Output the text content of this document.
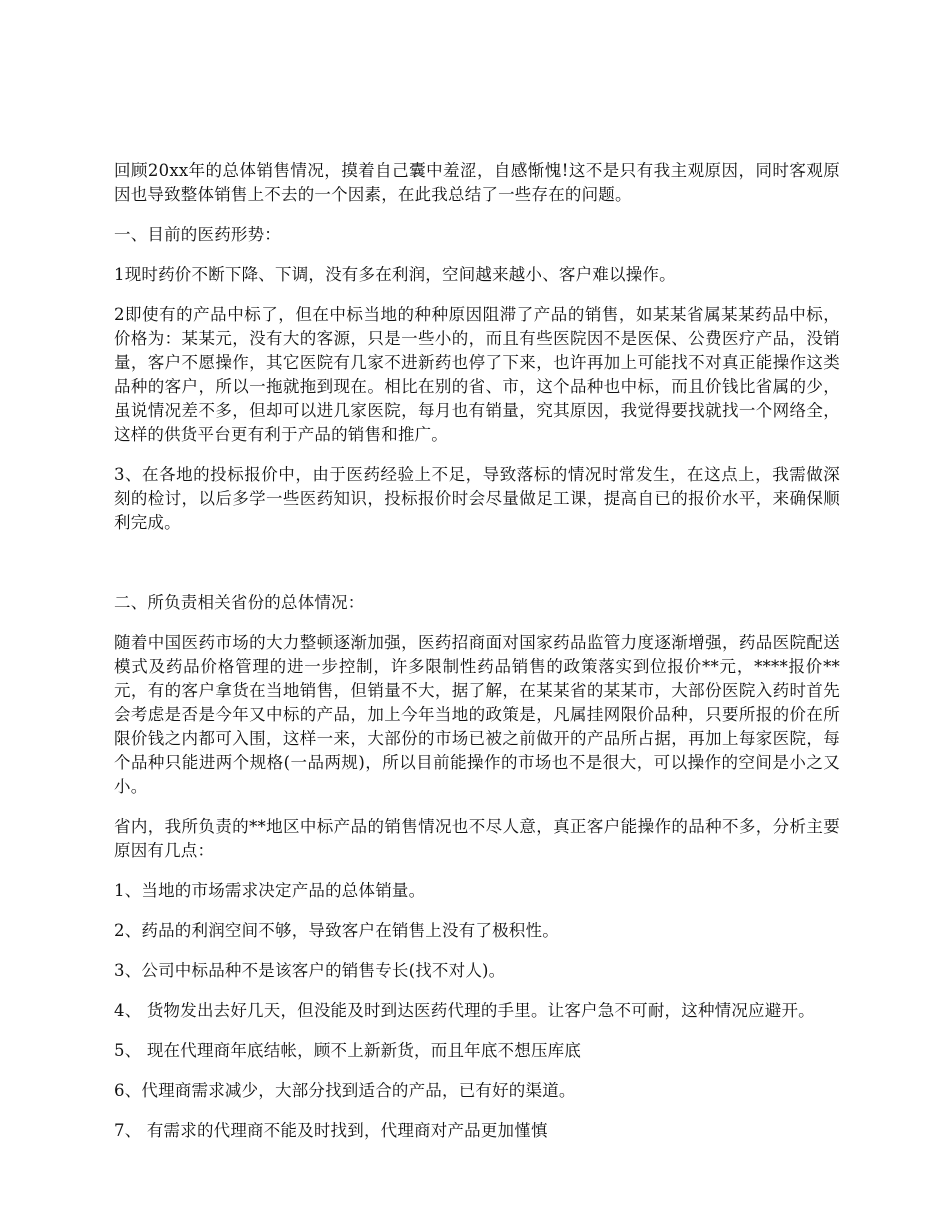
回顾20xx年的总体销售情况，摸着自己囊中羞涩，自感惭愧!这不是只有我主观原因，同时客观原因也导致整体销售上不去的一个因素，在此我总结了一些存在的问题。

一、目前的医药形势：

1现时药价不断下降、下调，没有多在利润，空间越来越小、客户难以操作。

2即使有的产品中标了，但在中标当地的种种原因阻滞了产品的销售，如某某省属某某药品中标，价格为：某某元，没有大的客源，只是一些小的，而且有些医院因不是医保、公费医疗产品，没销量，客户不愿操作，其它医院有几家不进新药也停了下来，也许再加上可能找不对真正能操作这类品种的客户，所以一拖就拖到现在。相比在别的省、市，这个品种也中标，而且价钱比省属的少，虽说情况差不多，但却可以进几家医院，每月也有销量，究其原因，我觉得要找就找一个网络全，这样的供货平台更有利于产品的销售和推广。

3、在各地的投标报价中，由于医药经验上不足，导致落标的情况时常发生，在这点上，我需做深刻的检讨，以后多学一些医药知识，投标报价时会尽量做足工课，提高自已的报价水平，来确保顺利完成。

二、所负责相关省份的总体情况：

随着中国医药市场的大力整顿逐渐加强，医药招商面对国家药品监管力度逐渐增强，药品医院配送模式及药品价格管理的进一步控制，许多限制性药品销售的政策落实到位报价**元，****报价**元，有的客户拿货在当地销售，但销量不大，据了解，在某某省的某某市，大部份医院入药时首先会考虑是否是今年又中标的产品，加上今年当地的政策是，凡属挂网限价品种，只要所报的价在所限价钱之内都可入围，这样一来，大部份的市场已被之前做开的产品所占据，再加上每家医院，每个品种只能进两个规格(一品两规)，所以目前能操作的市场也不是很大，可以操作的空间是小之又小。

省内，我所负责的**地区中标产品的销售情况也不尽人意，真正客户能操作的品种不多，分析主要原因有几点：

1、当地的市场需求决定产品的总体销量。

2、药品的利润空间不够，导致客户在销售上没有了极积性。

3、公司中标品种不是该客户的销售专长(找不对人)。

4、 货物发出去好几天，但没能及时到达医药代理的手里。让客户急不可耐，这种情况应避开。

5、 现在代理商年底结帐，顾不上新新货，而且年底不想压库底

6、代理商需求减少，大部分找到适合的产品，已有好的渠道。

7、 有需求的代理商不能及时找到，代理商对产品更加慬慎
